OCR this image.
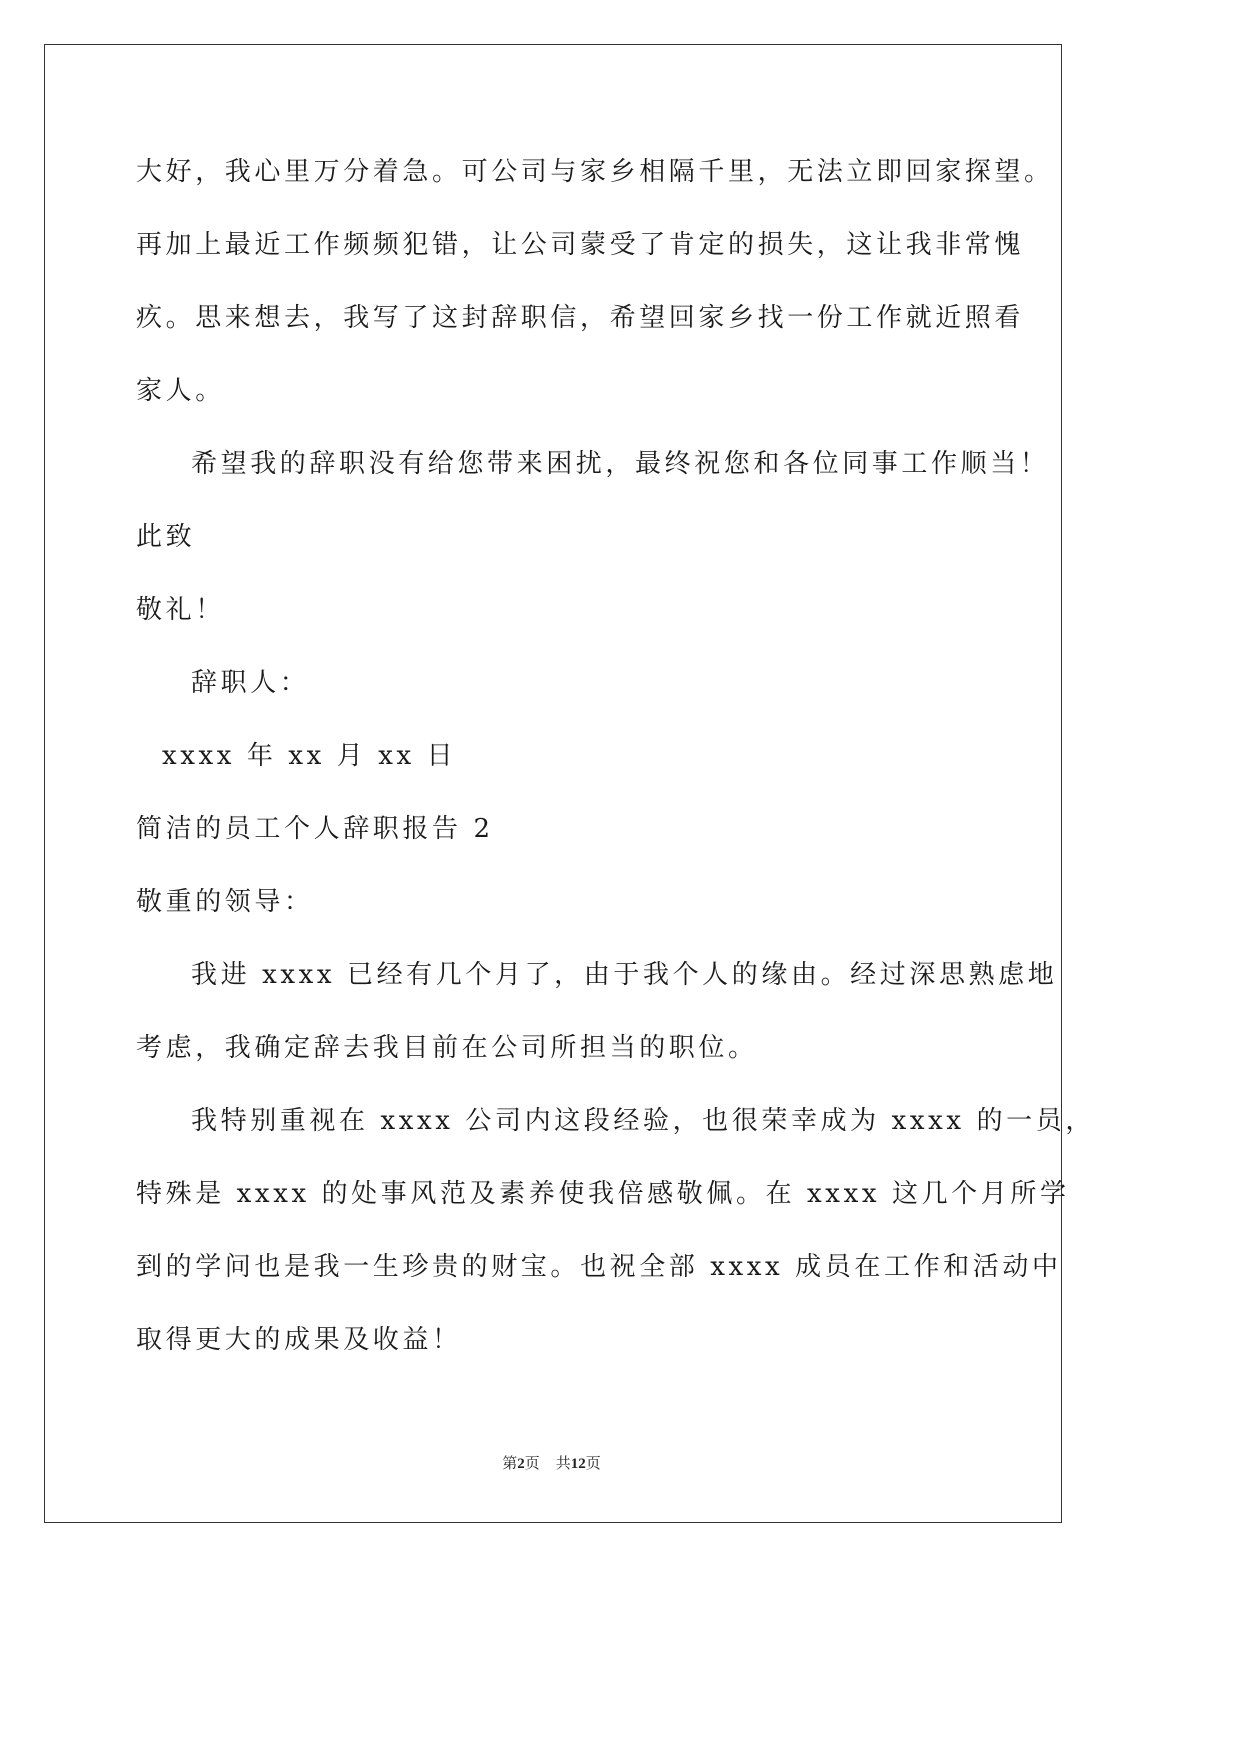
大好，我心里万分着急。可公司与家乡相隔千里，无法立即回家探望。
再加上最近工作频频犯错，让公司蒙受了肯定的损失，这让我非常愧
疚。思来想去，我写了这封辞职信，希望回家乡找一份工作就近照看
家人。
希望我的辞职没有给您带来困扰，最终祝您和各位同事工作顺当！
此致
敬礼！
辞职人：
xxxx 年 xx 月 xx 日
简洁的员工个人辞职报告 2
敬重的领导：
我进 xxxx 已经有几个月了，由于我个人的缘由。经过深思熟虑地
考虑，我确定辞去我目前在公司所担当的职位。
我特别重视在 xxxx 公司内这段经验，也很荣幸成为 xxxx 的一员，
特殊是 xxxx 的处事风范及素养使我倍感敬佩。在 xxxx 这几个月所学
到的学问也是我一生珍贵的财宝。也祝全部 xxxx 成员在工作和活动中
取得更大的成果及收益！
第2页 共12页
